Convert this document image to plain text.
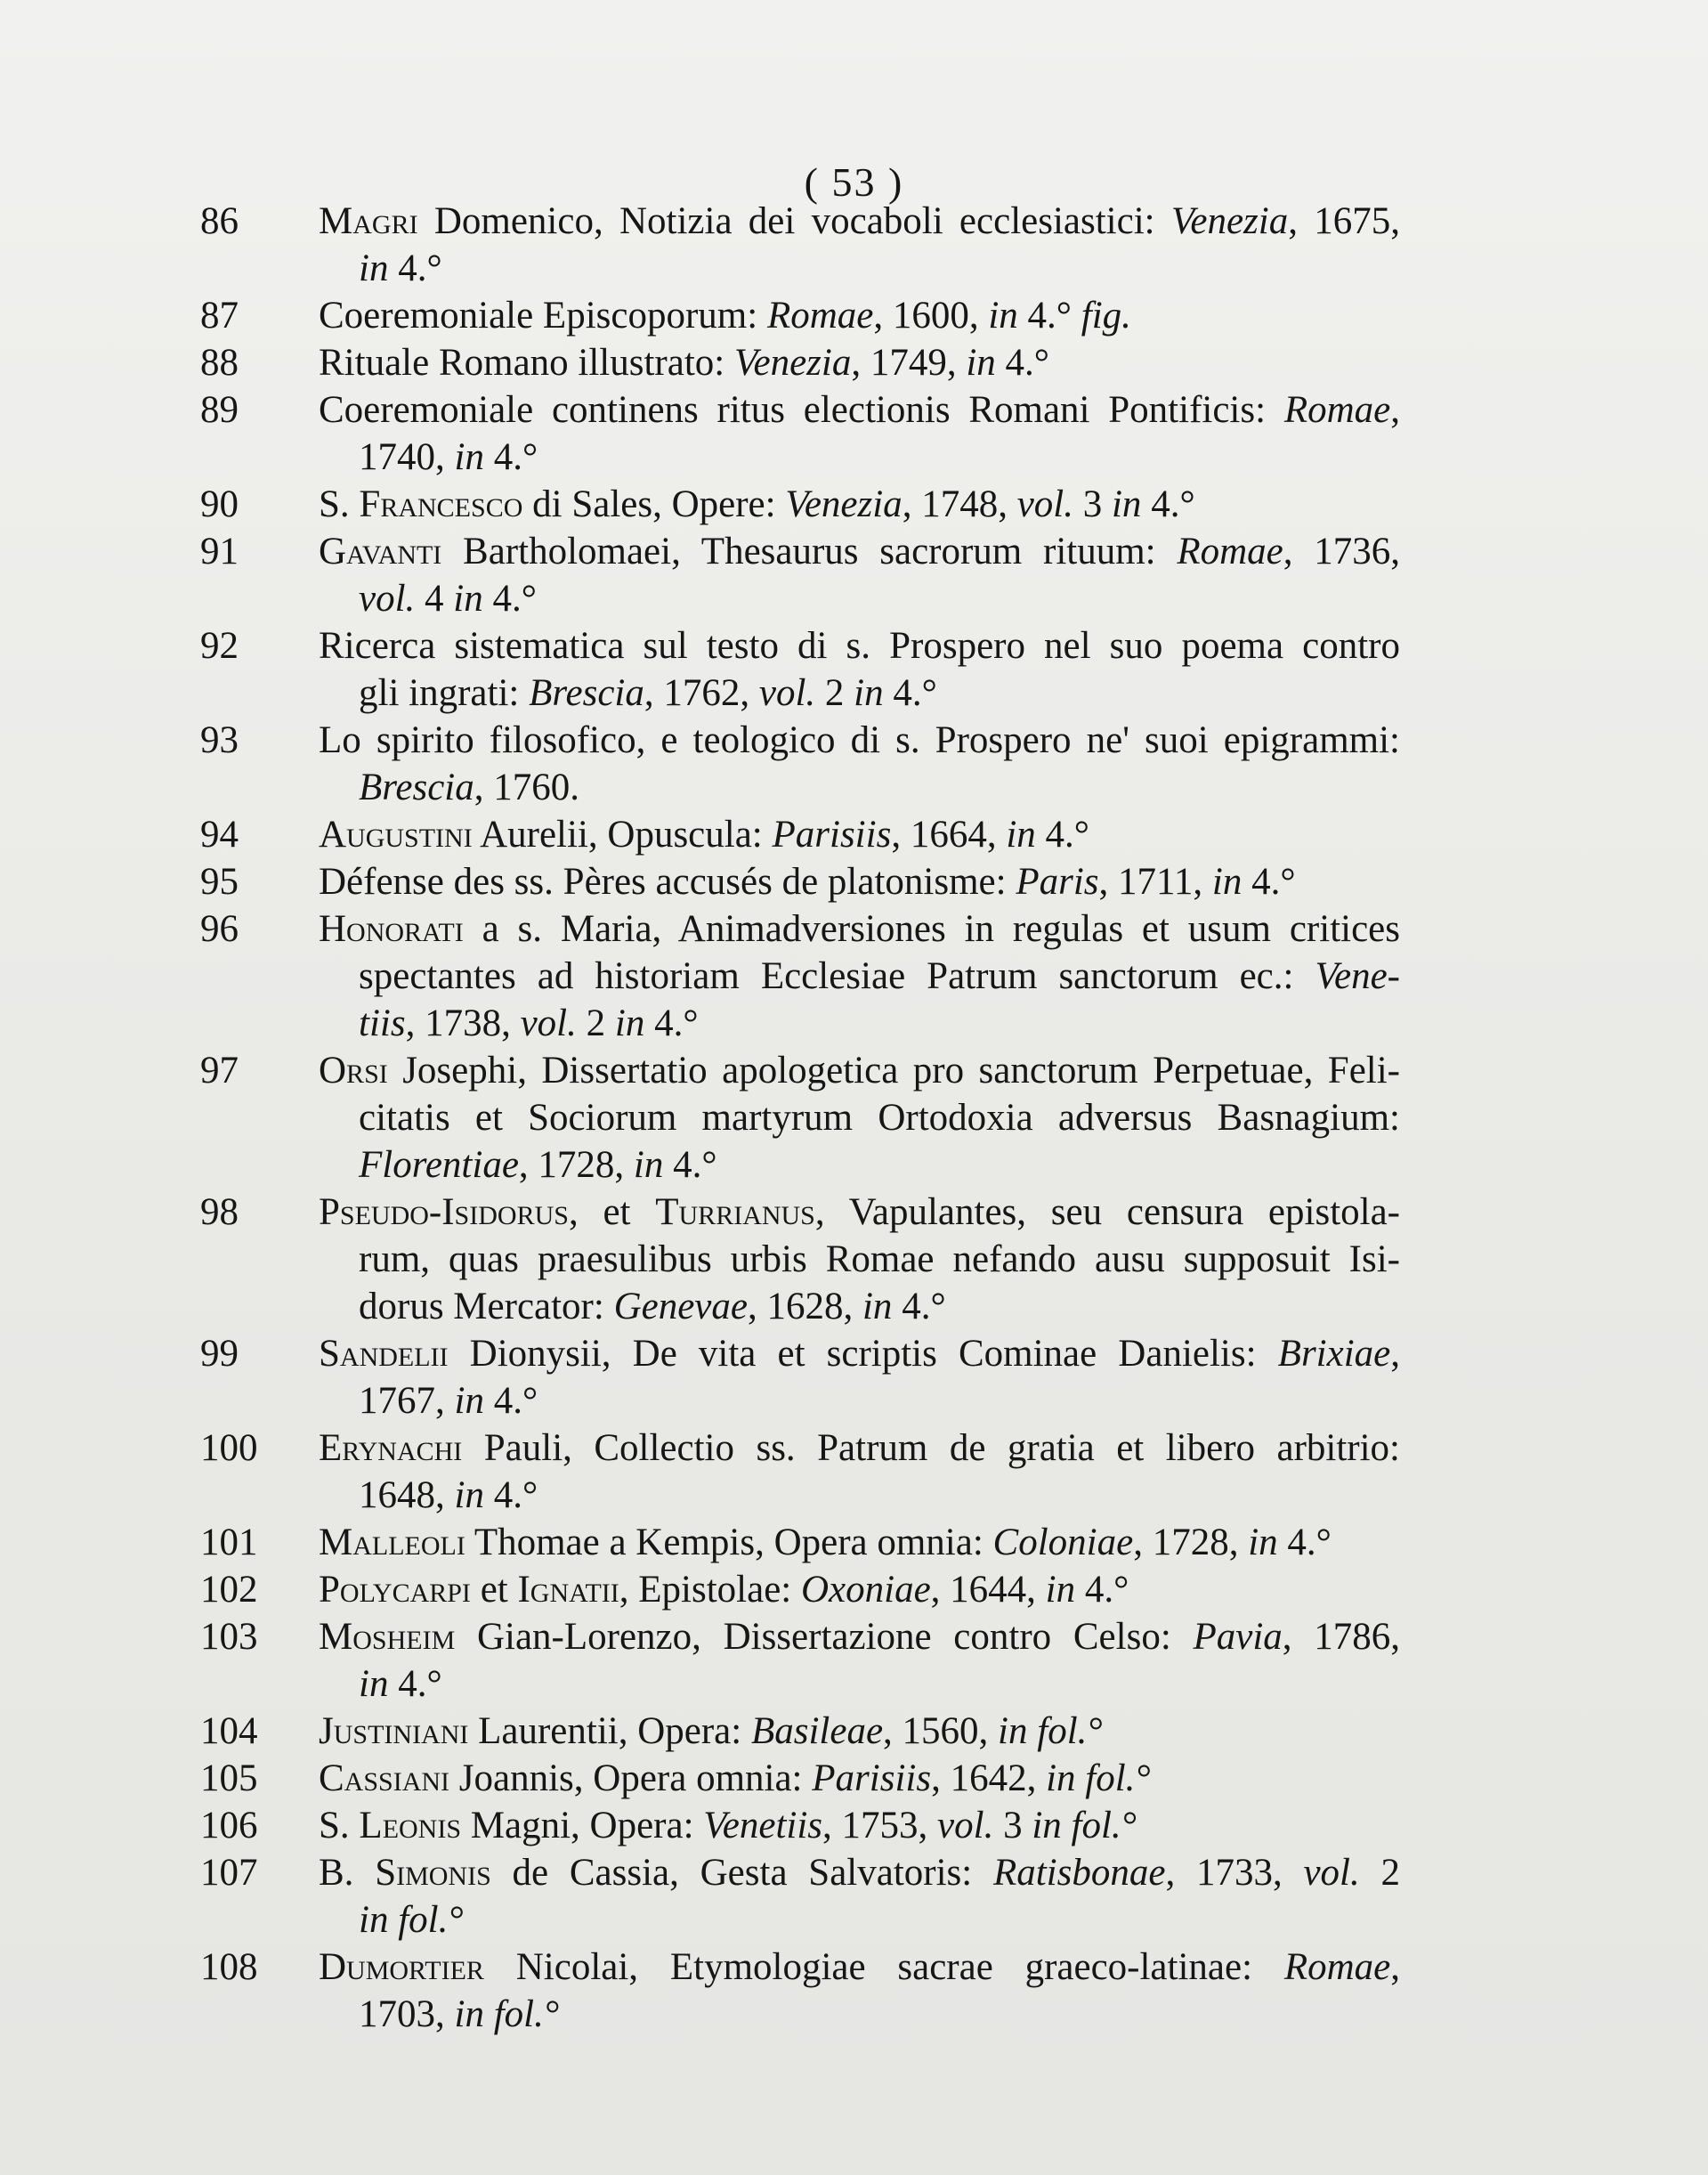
( 53 )
86	Magri Domenico, Notizia dei vocaboli ecclesiastici: Venezia, 1675,
in 4.°
87	Coeremoniale Episcoporum: Romae, 1600, in 4.° fig.
88	Rituale Romano illustrato: Venezia, 1749, in 4.°
89	Coeremoniale continens ritus electionis Romani Pontificis: Romae,
1740, in 4.°
90	S. Francesco di Sales, Opere: Venezia, 1748, vol. 3 in 4.°
91	Gavanti Bartholomaei, Thesaurus sacrorum rituum: Romae, 1736,
vol. 4 in 4.°
92	Ricerca sistematica sul testo di s. Prospero nel suo poema contro
gli ingrati: Brescia, 1762, vol. 2 in 4.°
93	Lo spirito filosofico, e teologico di s. Prospero ne' suoi epigrammi:
Brescia, 1760.
94	Augustini Aurelii, Opuscula: Parisiis, 1664, in 4.°
95	Défense des ss. Pères accusés de platonisme: Paris, 1711, in 4.°
96	Honorati a s. Maria, Animadversiones in regulas et usum critices
spectantes ad historiam Ecclesiae Patrum sanctorum ec.: Vene-
tiis, 1738, vol. 2 in 4.°
97	Orsi Josephi, Dissertatio apologetica pro sanctorum Perpetuae, Feli-
citatis et Sociorum martyrum Ortodoxia adversus Basnagium:
Florentiae, 1728, in 4.°
98	Pseudo-Isidorus, et Turrianus, Vapulantes, seu censura epistola-
rum, quas praesulibus urbis Romae nefando ausu supposuit Isi-
dorus Mercator: Genevae, 1628, in 4.°
99	Sandelii Dionysii, De vita et scriptis Cominae Danielis: Brixiae,
1767, in 4.°
100	Erynachi Pauli, Collectio ss. Patrum de gratia et libero arbitrio:
1648, in 4.°
101	Malleoli Thomae a Kempis, Opera omnia: Coloniae, 1728, in 4.°
102	Polycarpi et Ignatii, Epistolae: Oxoniae, 1644, in 4.°
103	Mosheim Gian-Lorenzo, Dissertazione contro Celso: Pavia, 1786,
in 4.°
104	Justiniani Laurentii, Opera: Basileae, 1560, in fol.°
105	Cassiani Joannis, Opera omnia: Parisiis, 1642, in fol.°
106	S. Leonis Magni, Opera: Venetiis, 1753, vol. 3 in fol.°
107	B. Simonis de Cassia, Gesta Salvatoris: Ratisbonae, 1733, vol. 2
in fol.°
108	Dumortier Nicolai, Etymologiae sacrae graeco-latinae: Romae,
1703, in fol.°
